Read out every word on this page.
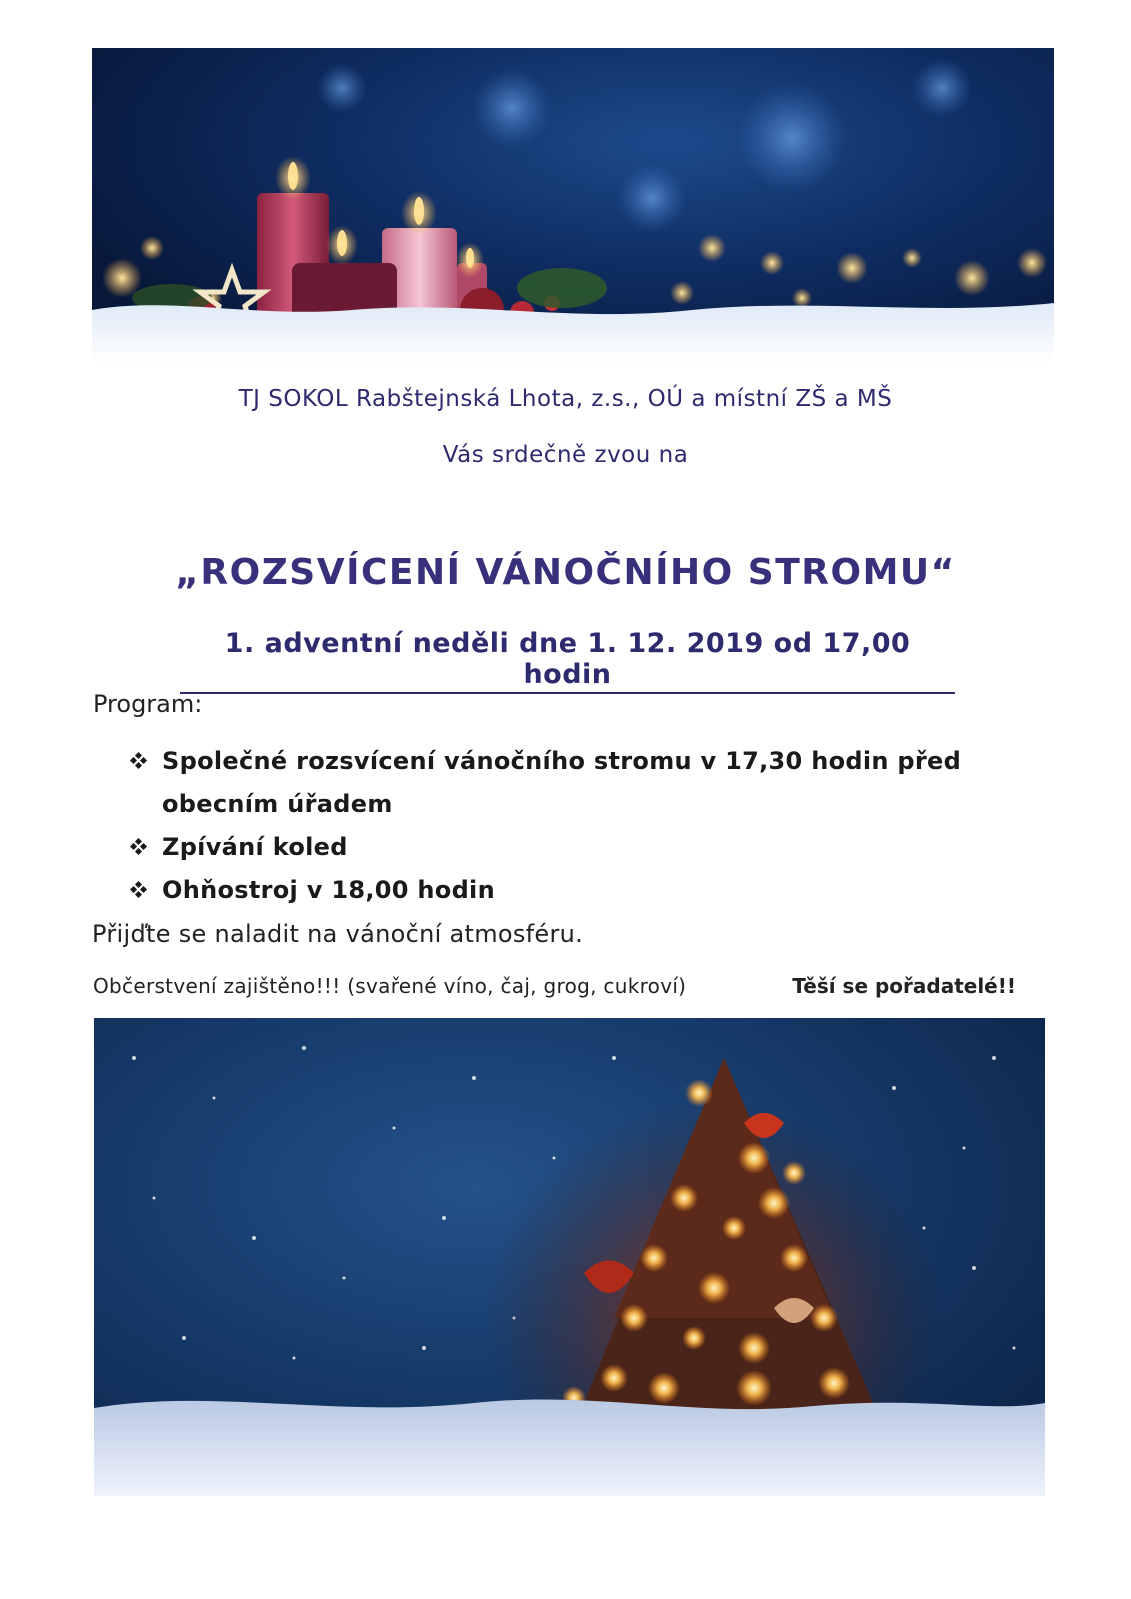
TJ SOKOL Rabštejnská Lhota, z.s., OÚ a místní ZŠ a MŠ
Vás srdečně zvou na
„ROZSVÍCENÍ VÁNOČNÍHO STROMU“
1. adventní neděli dne 1. 12. 2019 od 17,00 hodin
Program:
Společné rozsvícení vánočního stromu v 17,30 hodin před obecním úřadem
Zpívání koled
Ohňostroj v 18,00 hodin
Přijďte se naladit na vánoční atmosféru.
Občerstvení zajištěno!!! (svařené víno, čaj, grog, cukroví)	Těší se pořadatelé!!
